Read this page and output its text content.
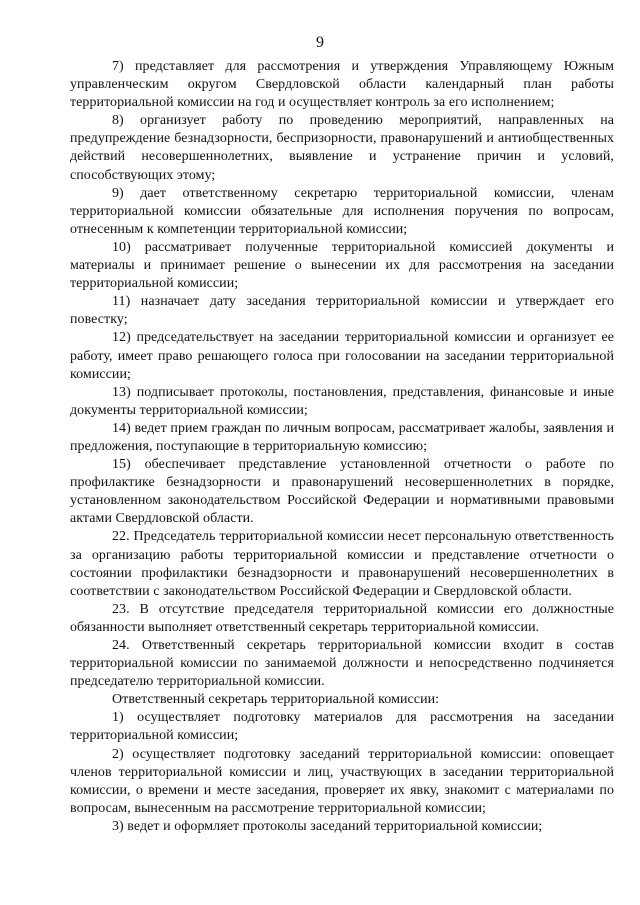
9

7) представляет для рассмотрения и утверждения Управляющему Южным управленческим округом Свердловской области календарный план работы территориальной комиссии на год и осуществляет контроль за его исполнением;

8) организует работу по проведению мероприятий, направленных на предупреждение безнадзорности, беспризорности, правонарушений и антиобщественных действий несовершеннолетних, выявление и устранение причин и условий, способствующих этому;

9) дает ответственному секретарю территориальной комиссии, членам территориальной комиссии обязательные для исполнения поручения по вопросам, отнесенным к компетенции территориальной комиссии;

10) рассматривает полученные территориальной комиссией документы и материалы и принимает решение о вынесении их для рассмотрения на заседании территориальной комиссии;

11) назначает дату заседания территориальной комиссии и утверждает его повестку;

12) председательствует на заседании территориальной комиссии и организует ее работу, имеет право решающего голоса при голосовании на заседании территориальной комиссии;

13) подписывает протоколы, постановления, представления, финансовые и иные документы территориальной комиссии;

14) ведет прием граждан по личным вопросам, рассматривает жалобы, заявления и предложения, поступающие в территориальную комиссию;

15) обеспечивает представление установленной отчетности о работе по профилактике безнадзорности и правонарушений несовершеннолетних в порядке, установленном законодательством Российской Федерации и нормативными правовыми актами Свердловской области.

22. Председатель территориальной комиссии несет персональную ответственность за организацию работы территориальной комиссии и представление отчетности о состоянии профилактики безнадзорности и правонарушений несовершеннолетних в соответствии с законодательством Российской Федерации и Свердловской области.

23. В отсутствие председателя территориальной комиссии его должностные обязанности выполняет ответственный секретарь территориальной комиссии.

24. Ответственный секретарь территориальной комиссии входит в состав территориальной комиссии по занимаемой должности и непосредственно подчиняется председателю территориальной комиссии.

Ответственный секретарь территориальной комиссии:

1) осуществляет подготовку материалов для рассмотрения на заседании территориальной комиссии;

2) осуществляет подготовку заседаний территориальной комиссии: оповещает членов территориальной комиссии и лиц, участвующих в заседании территориальной комиссии, о времени и месте заседания, проверяет их явку, знакомит с материалами по вопросам, вынесенным на рассмотрение территориальной комиссии;

3) ведет и оформляет протоколы заседаний территориальной комиссии;
